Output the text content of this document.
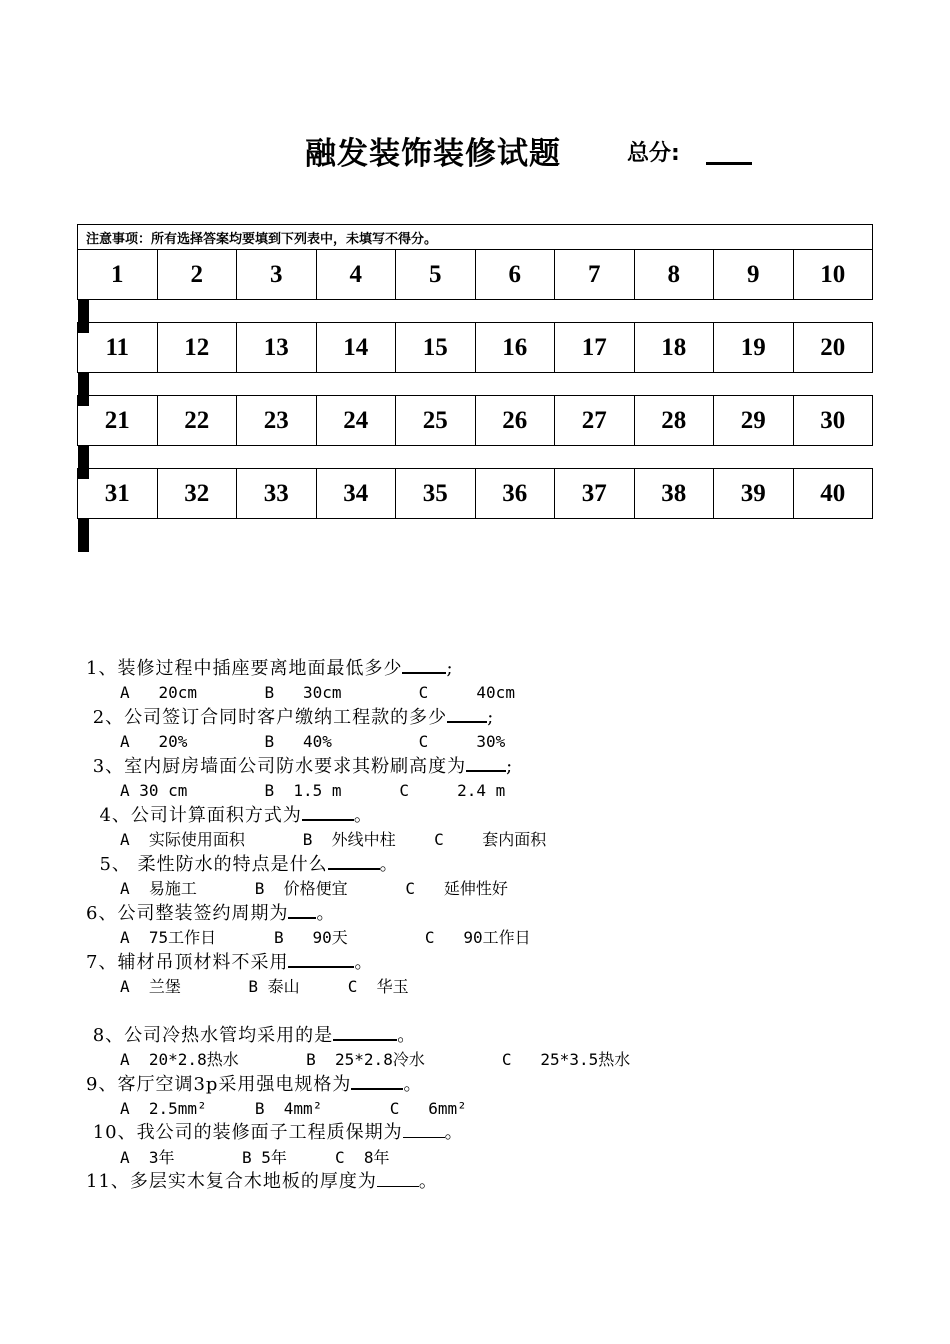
融发装饰装修试题	总分:
注意事项：所有选择答案均要填到下列表中，未填写不得分。
1	2	3	4	5	6	7	8	9	10
									11	12	13	14	15	16	17	18	19	20
									21	22	23	24	25	26	27	28	29	30
									31	32	33	34	35	36	37	38	39	40

1、装修过程中插座要离地面最低多少 ;
A   20cm       B   30cm        C     40cm
2、公司签订合同时客户缴纳工程款的多少 ;
A   20%        B   40%         C     30%
3、室内厨房墙面公司防水要求其粉刷高度为 ;
A 30 cm        B  1.5 m      C     2.4 m
4、公司计算面积方式为	。
A  实际使用面积      B  外线中柱    C    套内面积
5、 柔性防水的特点是什么	。
A  易施工      B  价格便宜      C   延伸性好
6、公司整装签约周期为 。
A  75工作日      B   90天        C   90工作日
7、辅材吊顶材料不采用	。
A  兰堡       B 泰山     C  华玉
8、公司冷热水管均采用的是	。
A  20*2.8热水       B  25*2.8冷水        C   25*3.5热水
9、客厅空调3p采用强电规格为	。
A  2.5mm²     B  4mm²       C   6mm²
10、我公司的装修面子工程质保期为 。
A  3年       B 5年     C  8年
11、多层实木复合木地板的厚度为 。
